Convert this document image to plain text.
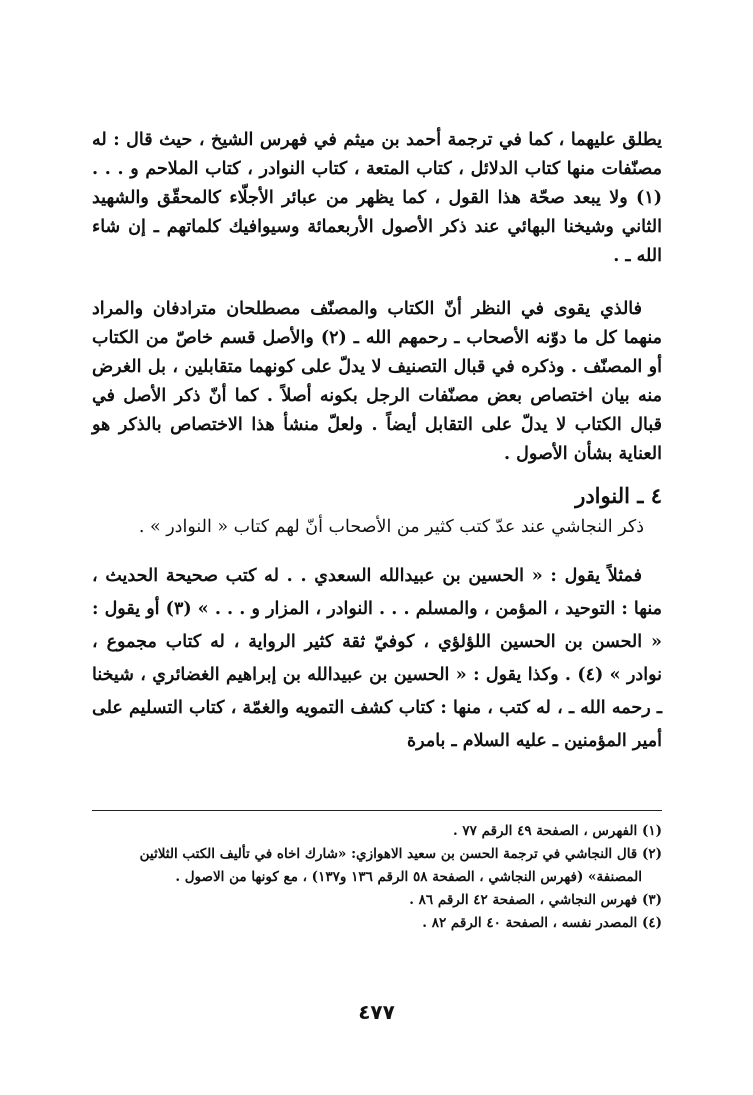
يطلق عليهما ، كما في ترجمة أحمد بن ميثم في فهرس الشيخ ، حيث قال : له مصنّفات منها كتاب الدلائل ، كتاب المتعة ، كتاب النوادر ، كتاب الملاحم و . . . (١) ولا يبعد صحّة هذا القول ، كما يظهر من عبائر الأجلّاء كالمحقّق والشهيد الثاني وشيخنا البهائي عند ذكر الأصول الأربعمائة وسيوافيك كلماتهم ـ إن شاء الله ـ .

فالذي يقوى في النظر أنّ الكتاب والمصنّف مصطلحان مترادفان والمراد منهما كل ما دوّنه الأصحاب ـ رحمهم الله ـ (٢) والأصل قسم خاصّ من الكتاب أو المصنّف . وذكره في قبال التصنيف لا يدلّ على كونهما متقابلين ، بل الغرض منه بيان اختصاص بعض مصنّفات الرجل بكونه أصلاً . كما أنّ ذكر الأصل في قبال الكتاب لا يدلّ على التقابل أيضاً . ولعلّ منشأ هذا الاختصاص بالذكر هو العناية بشأن الأصول .

٤ ـ النوادر

ذكر النجاشي عند عدّ كتب كثير من الأصحاب أنّ لهم كتاب « النوادر » .

فمثلاً يقول : « الحسين بن عبيدالله السعدي . . له كتب صحيحة الحديث ، منها : التوحيد ، المؤمن ، والمسلم . . . النوادر ، المزار و . . . » (٣) أو يقول : « الحسن بن الحسين اللؤلؤي ، كوفيّ ثقة كثير الرواية ، له كتاب مجموع ، نوادر » (٤) . وكذا يقول : « الحسين بن عبيدالله بن إبراهيم الغضائري ، شيخنا ـ رحمه الله ـ ، له كتب ، منها : كتاب كشف التمويه والغمّة ، كتاب التسليم على أمير المؤمنين ـ عليه السلام ـ بامرة

(١) الفهرس ، الصفحة ٤٩ الرقم ٧٧ .

(٢) قال النجاشي في ترجمة الحسن بن سعيد الاهوازي: «شارك اخاه في تأليف الكتب الثلاثين
المصنفة» (فهرس النجاشي ، الصفحة ٥٨ الرقم ١٣٦ و١٣٧) ، مع كونها من الاصول .

(٣) فهرس النجاشي ، الصفحة ٤٢ الرقم ٨٦ .

(٤) المصدر نفسه ، الصفحة ٤٠ الرقم ٨٢ .

٤٧٧
